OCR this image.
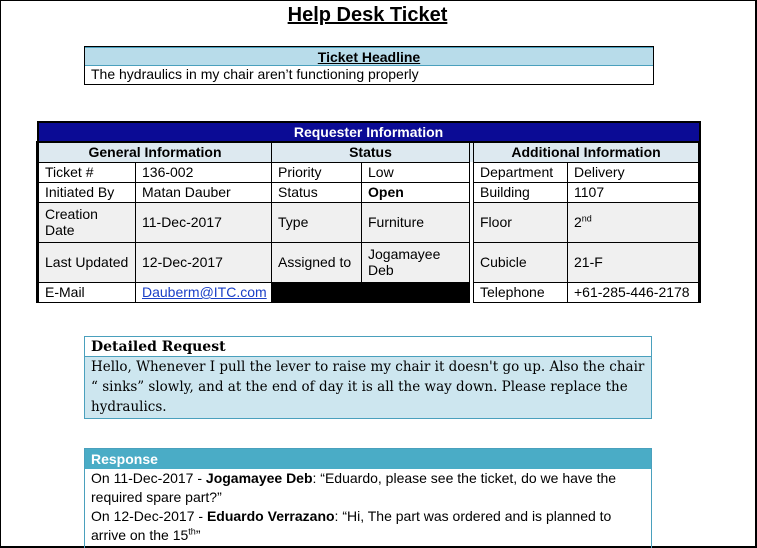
Help Desk Ticket
Ticket Headline
The hydraulics in my chair aren’t functioning properly
Requester Information						
General Information		Status			Additional Information	
Ticket #	136-002	Priority	Low		Department	Delivery
Initiated By	Matan Dauber	Status	Open		Building	1107
Creation Date	11-Dec-2017	Type	Furniture		Floor	2nd
Last Updated	12-Dec-2017	Assigned to	Jogamayee Deb		Cubicle	21-F
E-Mail	Dauberm@ITC.com				Telephone	+61-285-446-2178
Detailed Request
Hello, Whenever I pull the lever to raise my chair it doesn't go up. Also the chair “ sinks” slowly, and at the end of day it is all the way down. Please replace the hydraulics.
Response
On 11-Dec-2017 - Jogamayee Deb: “Eduardo, please see the ticket, do we have the required spare part?”
On 12-Dec-2017 - Eduardo Verrazano: “Hi, The part was ordered and is planned to arrive on the 15th”
